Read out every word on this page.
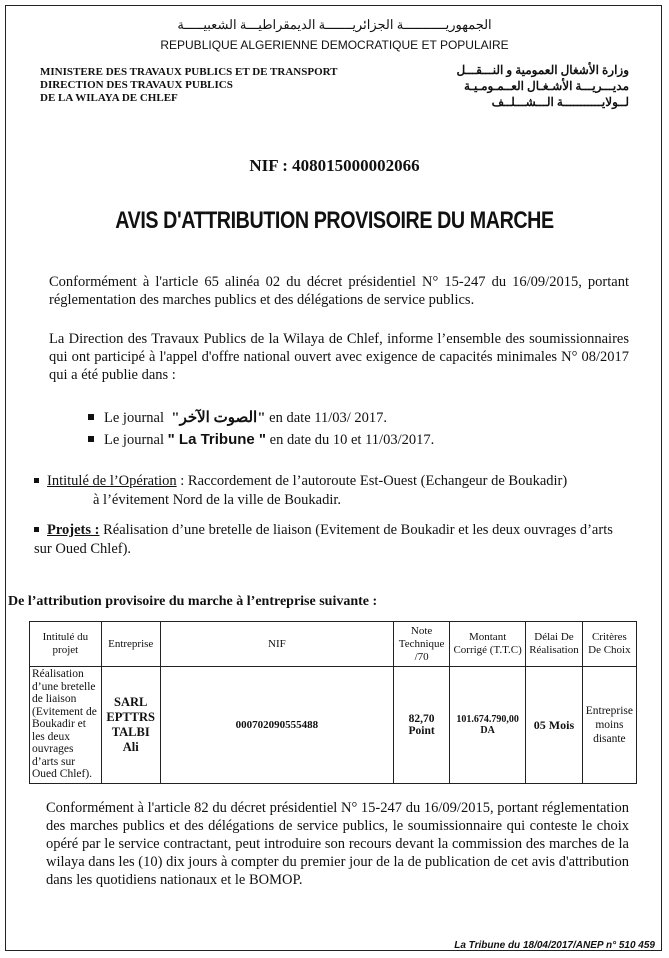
الجمهوريـــــــــــة الجزائريـــــــة الديمقراطيـــة الشعبيـــــة
REPUBLIQUE ALGERIENNE DEMOCRATIQUE ET POPULAIRE
MINISTERE DES TRAVAUX PUBLICS ET DE TRANSPORT
DIRECTION DES TRAVAUX PUBLICS
DE LA WILAYA DE CHLEF
وزارة الأشغال العمومية و النـــقـــل
مديـــريـــة الأشـغـال العــمـومـيـة
لــولايـــــــــــة الـــشـــلــف
NIF : 408015000002066
AVIS D'ATTRIBUTION PROVISOIRE DU MARCHE
Conformément à l'article 65 alinéa 02 du décret présidentiel N° 15-247 du 16/09/2015, portant réglementation des marches publics et des délégations de service publics.
La Direction des Travaux Publics de la Wilaya de Chlef, informe l’ensemble des soumissionnaires qui ont participé à l'appel d'offre national ouvert avec exigence de capacités minimales N° 08/2017 qui a été publie dans :
Le journal
"الصوت الآخر"
en date 11/03/ 2017.
Le journal
" La Tribune "
en date du 10 et 11/03/2017.
Intitulé de l’Opération : Raccordement de l’autoroute Est-Ouest (Echangeur de Boukadir)
à l’évitement Nord de la ville de Boukadir.
Projets : Réalisation d’une bretelle de liaison (Evitement de Boukadir et les deux ouvrages d’arts sur Oued Chlef).
De l’attribution provisoire du marche à l’entreprise suivante :
Intitulé du projet	Entreprise	NIF	Note Technique /70	Montant Corrigé (T.T.C)	Délai De Réalisation	Critères De Choix
Réalisation d’une bretelle de liaison (Evitement de Boukadir et les deux ouvrages d’arts sur Oued Chlef).	SARL EPTTRS TALBI Ali	000702090555488	82,70 Point	101.674.790,00 DA	05 Mois	Entreprise moins disante
Conformément à l'article 82 du décret présidentiel N° 15-247 du 16/09/2015, portant réglementation des marches publics et des délégations de service publics, le soumissionnaire qui conteste le choix opéré par le service contractant, peut introduire son recours devant la commission des marches de la wilaya dans les (10) dix jours à compter du premier jour de la de publication de cet avis d'attribution dans les quotidiens nationaux et le BOMOP.
La Tribune du 18/04/2017/ANEP n° 510 459
